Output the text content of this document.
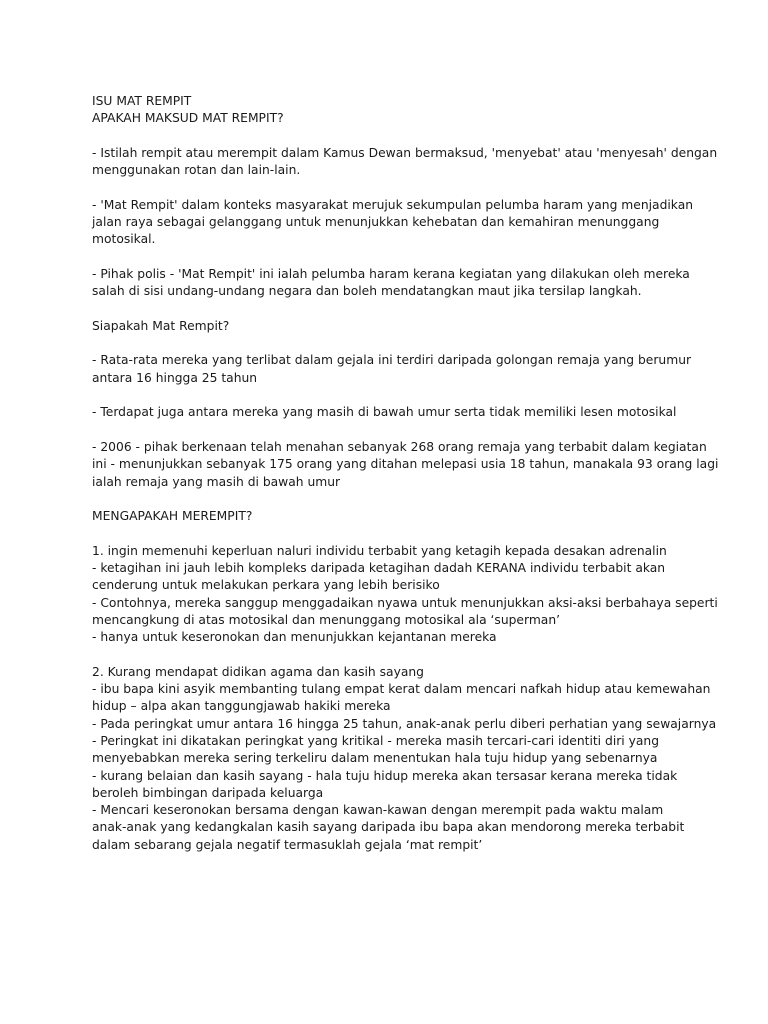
ISU MAT REMPIT
APAKAH MAKSUD MAT REMPIT?
- Istilah rempit atau merempit dalam Kamus Dewan bermaksud, 'menyebat' atau 'menyesah' dengan
menggunakan rotan dan lain-lain.
- 'Mat Rempit' dalam konteks masyarakat merujuk sekumpulan pelumba haram yang menjadikan
jalan raya sebagai gelanggang untuk menunjukkan kehebatan dan kemahiran menunggang
motosikal.
- Pihak polis - 'Mat Rempit' ini ialah pelumba haram kerana kegiatan yang dilakukan oleh mereka
salah di sisi undang-undang negara dan boleh mendatangkan maut jika tersilap langkah.
Siapakah Mat Rempit?
- Rata-rata mereka yang terlibat dalam gejala ini terdiri daripada golongan remaja yang berumur
antara 16 hingga 25 tahun
- Terdapat juga antara mereka yang masih di bawah umur serta tidak memiliki lesen motosikal
- 2006 - pihak berkenaan telah menahan sebanyak 268 orang remaja yang terbabit dalam kegiatan
ini - menunjukkan sebanyak 175 orang yang ditahan melepasi usia 18 tahun, manakala 93 orang lagi
ialah remaja yang masih di bawah umur
MENGAPAKAH MEREMPIT?
1. ingin memenuhi keperluan naluri individu terbabit yang ketagih kepada desakan adrenalin
- ketagihan ini jauh lebih kompleks daripada ketagihan dadah KERANA individu terbabit akan
cenderung untuk melakukan perkara yang lebih berisiko
- Contohnya, mereka sanggup menggadaikan nyawa untuk menunjukkan aksi-aksi berbahaya seperti
mencangkung di atas motosikal dan menunggang motosikal ala ‘superman’
- hanya untuk keseronokan dan menunjukkan kejantanan mereka
2. Kurang mendapat didikan agama dan kasih sayang
- ibu bapa kini asyik membanting tulang empat kerat dalam mencari nafkah hidup atau kemewahan
hidup – alpa akan tanggungjawab hakiki mereka
- Pada peringkat umur antara 16 hingga 25 tahun, anak-anak perlu diberi perhatian yang sewajarnya
- Peringkat ini dikatakan peringkat yang kritikal - mereka masih tercari-cari identiti diri yang
menyebabkan mereka sering terkeliru dalam menentukan hala tuju hidup yang sebenarnya
- kurang belaian dan kasih sayang - hala tuju hidup mereka akan tersasar kerana mereka tidak
beroleh bimbingan daripada keluarga
- Mencari keseronokan bersama dengan kawan-kawan dengan merempit pada waktu malam
anak-anak yang kedangkalan kasih sayang daripada ibu bapa akan mendorong mereka terbabit
dalam sebarang gejala negatif termasuklah gejala ‘mat rempit’
